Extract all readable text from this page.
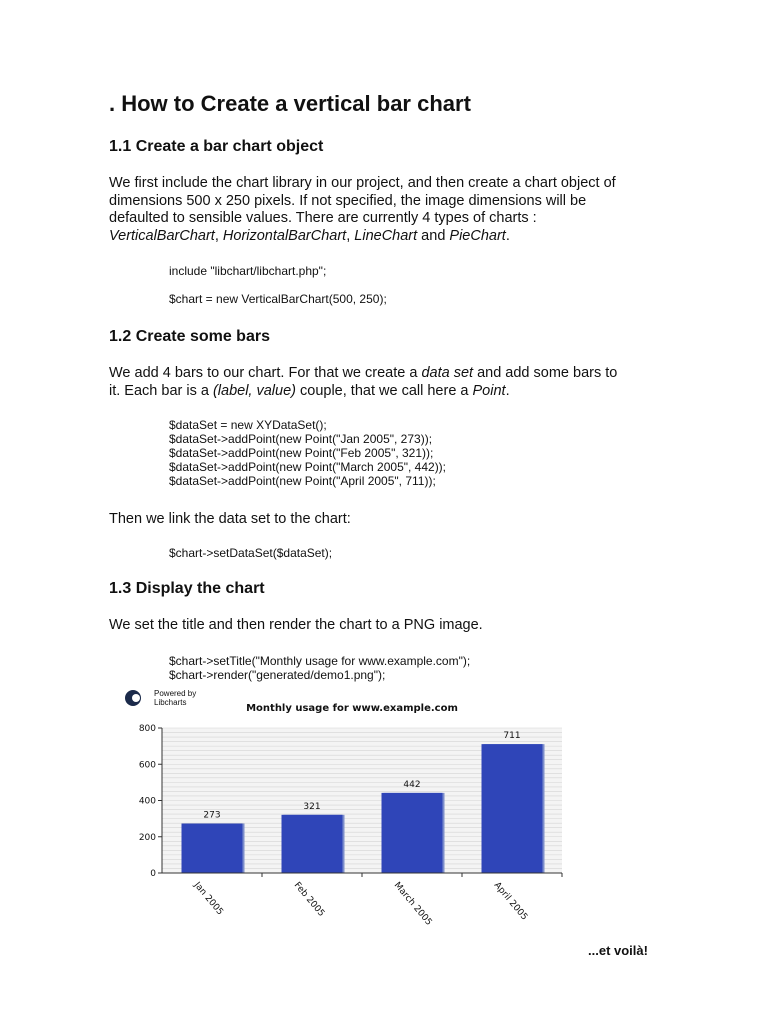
. How to Create a vertical bar chart
1.1 Create a bar chart object
We first include the chart library in our project, and then create a chart object of
dimensions 500 x 250 pixels. If not specified, the image dimensions will be
defaulted to sensible values. There are currently 4 types of charts :
VerticalBarChart, HorizontalBarChart, LineChart and PieChart.
include "libchart/libchart.php";

$chart = new VerticalBarChart(500, 250);
1.2 Create some bars
We add 4 bars to our chart. For that we create a data set and add some bars to
it. Each bar is a (label, value) couple, that we call here a Point.
$dataSet = new XYDataSet();
$dataSet->addPoint(new Point("Jan 2005", 273));
$dataSet->addPoint(new Point("Feb 2005", 321));
$dataSet->addPoint(new Point("March 2005", 442));
$dataSet->addPoint(new Point("April 2005", 711));
Then we link the data set to the chart:
$chart->setDataSet($dataSet);
1.3 Display the chart
We set the title and then render the chart to a PNG image.
$chart->setTitle("Monthly usage for www.example.com");
$chart->render("generated/demo1.png");
Powered by
Libcharts
Monthly usage for www.example.com
273
Jan 2005
321
Feb 2005
442
March 2005
711
April 2005
0
200
400
600
800
...et voilà!
